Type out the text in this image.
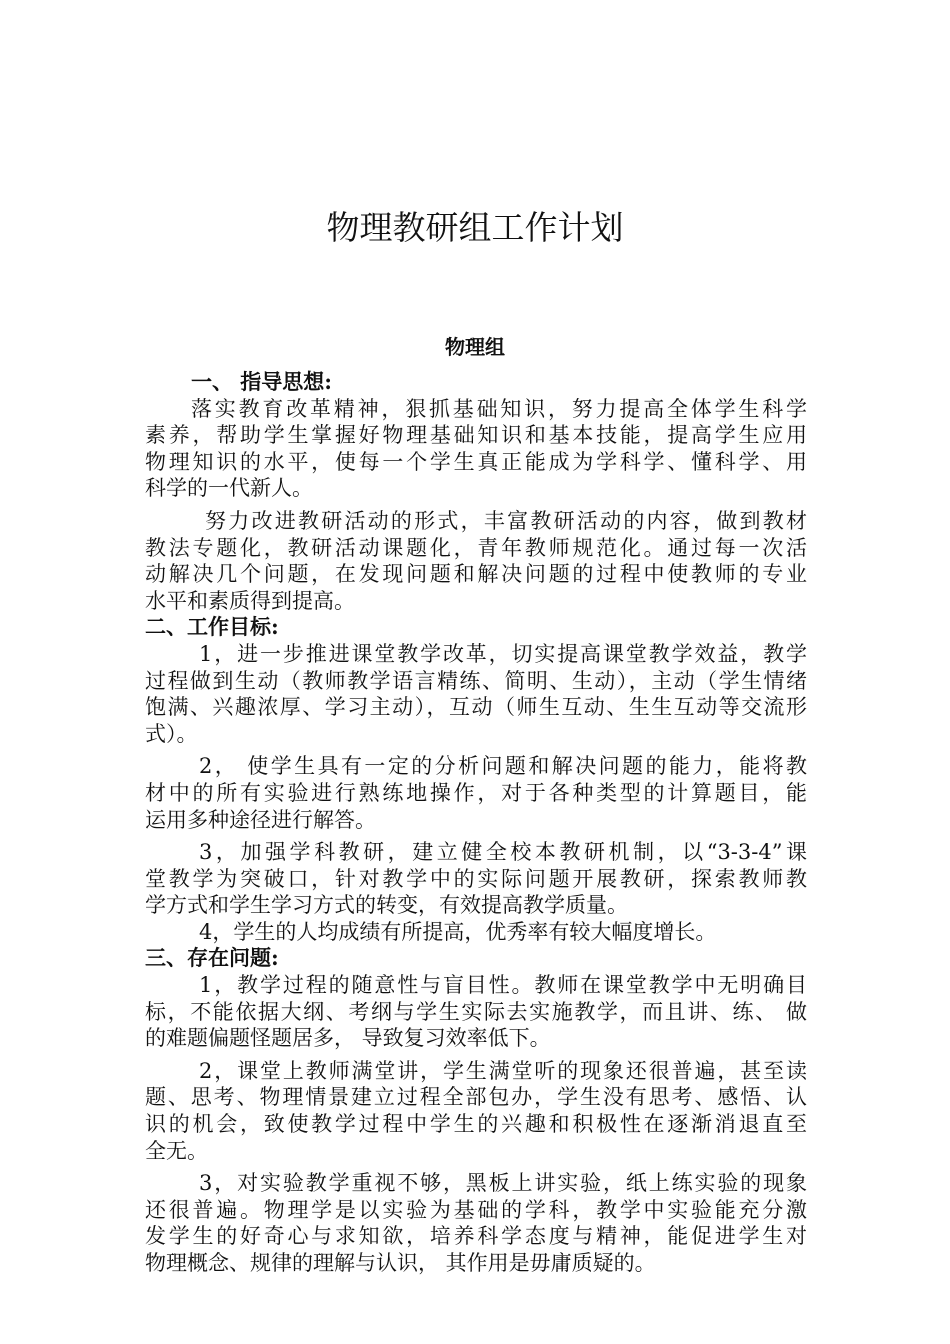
物理教研组工作计划
物理组
一、 指导思想:
落实教育改革精神，狠抓基础知识，努力提高全体学生科学
素养，帮助学生掌握好物理基础知识和基本技能，提高学生应用
物理知识的水平，使每一个学生真正能成为学科学、懂科学、用
科学的一代新人。
努力改进教研活动的形式，丰富教研活动的内容，做到教材
教法专题化，教研活动课题化，青年教师规范化。通过每一次活
动解决几个问题，在发现问题和解决问题的过程中使教师的专业
水平和素质得到提高。
二、工作目标:
1，进一步推进课堂教学改革，切实提高课堂教学效益，教学
过程做到生动（教师教学语言精练、简明、生动），主动（学生情绪
饱满、兴趣浓厚、学习主动），互动（师生互动、生生互动等交流形
式）。
2， 使学生具有一定的分析问题和解决问题的能力，能将教
材中的所有实验进行熟练地操作，对于各种类型的计算题目，能
运用多种途径进行解答。
3，加强学科教研，建立健全校本教研机制，以“3-3-4”课
堂教学为突破口，针对教学中的实际问题开展教研，探索教师教
学方式和学生学习方式的转变，有效提高教学质量。
4，学生的人均成绩有所提高，优秀率有较大幅度增长。
三、存在问题:
1，教学过程的随意性与盲目性。教师在课堂教学中无明确目
标，不能依据大纲、考纲与学生实际去实施教学，而且讲、练、 做
的难题偏题怪题居多， 导致复习效率低下。
2，课堂上教师满堂讲，学生满堂听的现象还很普遍，甚至读
题、思考、物理情景建立过程全部包办，学生没有思考、感悟、认
识的机会，致使教学过程中学生的兴趣和积极性在逐渐消退直至
全无。
3，对实验教学重视不够，黑板上讲实验，纸上练实验的现象
还很普遍。物理学是以实验为基础的学科，教学中实验能充分激
发学生的好奇心与求知欲，培养科学态度与精神，能促进学生对
物理概念、规律的理解与认识， 其作用是毋庸质疑的。
